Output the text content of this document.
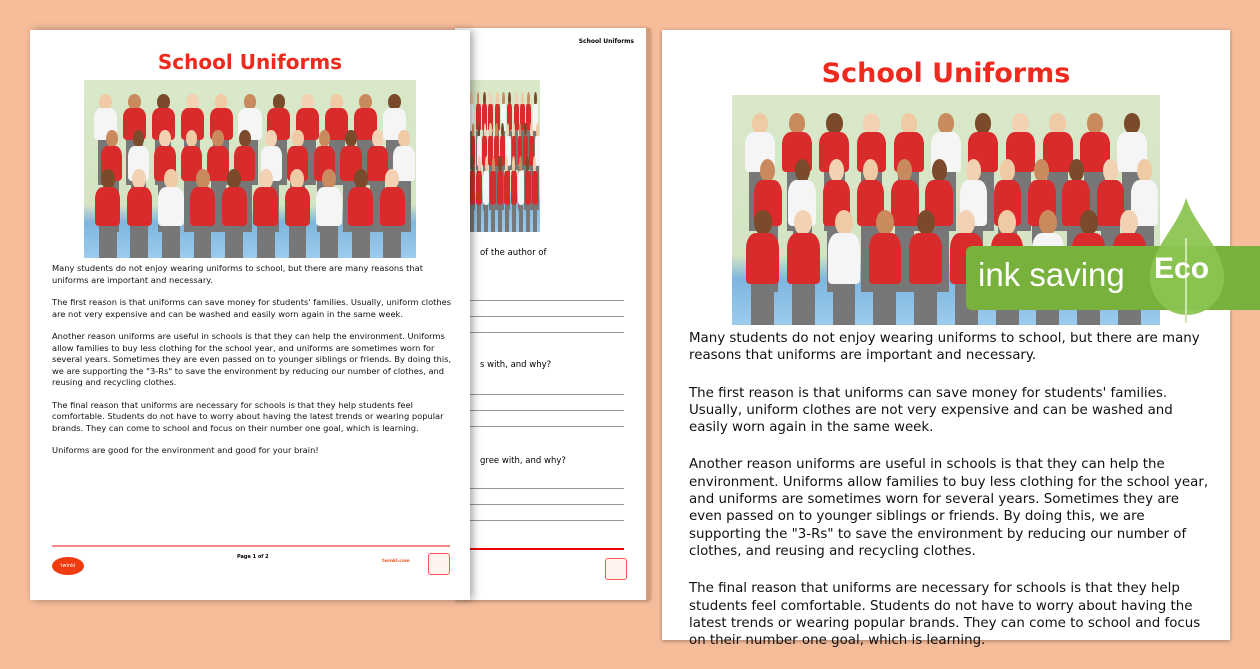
School Uniforms
of the author of
s with, and why?
gree with, and why?
School Uniforms

Many students do not enjoy wearing uniforms to school, but there are many reasons that uniforms are important and necessary.

The first reason is that uniforms can save money for students' families. Usually, uniform clothes are not very expensive and can be washed and easily worn again in the same week.

Another reason uniforms are useful in schools is that they can help the environment. Uniforms allow families to buy less clothing for the school year, and uniforms are sometimes worn for several years. Sometimes they are even passed on to younger siblings or friends. By doing this, we are supporting the "3-Rs" to save the environment by reducing our number of clothes, and reusing and recycling clothes.

The final reason that uniforms are necessary for schools is that they help students feel comfortable. Students do not have to worry about having the latest trends or wearing popular brands. They can come to school and focus on their number one goal, which is learning.

Uniforms are good for the environment and good for your brain!

twinkl
Page 1 of 2
twinkl.com
School Uniforms

Many students do not enjoy wearing uniforms to school, but there are many reasons that uniforms are important and necessary.

The first reason is that uniforms can save money for students' families. Usually, uniform clothes are not very expensive and can be washed and easily worn again in the same week.

Another reason uniforms are useful in schools is that they can help the environment. Uniforms allow families to buy less clothing for the school year, and uniforms are sometimes worn for several years. Sometimes they are even passed on to younger siblings or friends. By doing this, we are supporting the "3-Rs" to save the environment by reducing our number of clothes, and reusing and recycling clothes.

The final reason that uniforms are necessary for schools is that they help students feel comfortable. Students do not have to worry about having the latest trends or wearing popular brands. They can come to school and focus on their number one goal, which is learning.

ink saving Eco
